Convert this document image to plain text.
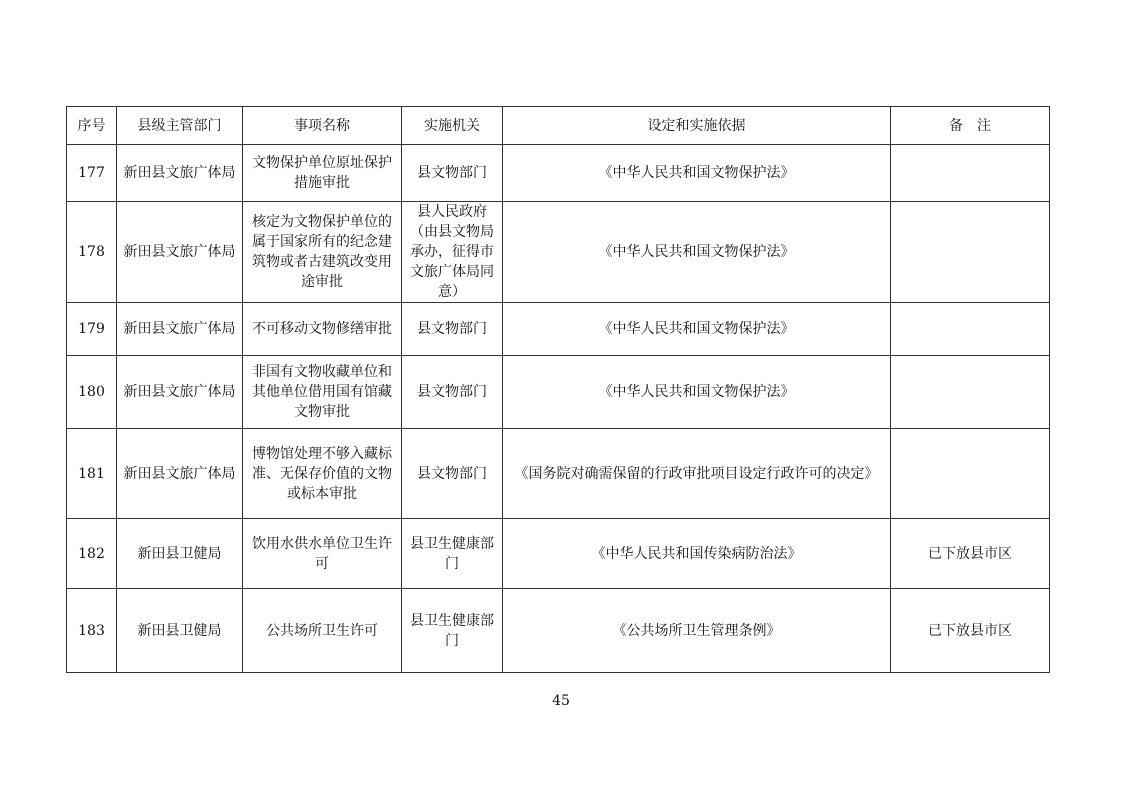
序号	县级主管部门	事项名称	实施机关	设定和实施依据	备　注
177	新田县文旅广体局	文物保护单位原址保护措施审批	县文物部门	《中华人民共和国文物保护法》	
178	新田县文旅广体局	核定为文物保护单位的属于国家所有的纪念建筑物或者古建筑改变用途审批	县人民政府（由县文物局承办，征得市文旅广体局同意）	《中华人民共和国文物保护法》	
179	新田县文旅广体局	不可移动文物修缮审批	县文物部门	《中华人民共和国文物保护法》	
180	新田县文旅广体局	非国有文物收藏单位和其他单位借用国有馆藏文物审批	县文物部门	《中华人民共和国文物保护法》	
181	新田县文旅广体局	博物馆处理不够入藏标准、无保存价值的文物或标本审批	县文物部门	《国务院对确需保留的行政审批项目设定行政许可的决定》	
182	新田县卫健局	饮用水供水单位卫生许可	县卫生健康部门	《中华人民共和国传染病防治法》	已下放县市区
183	新田县卫健局	公共场所卫生许可	县卫生健康部门	《公共场所卫生管理条例》	已下放县市区
45
